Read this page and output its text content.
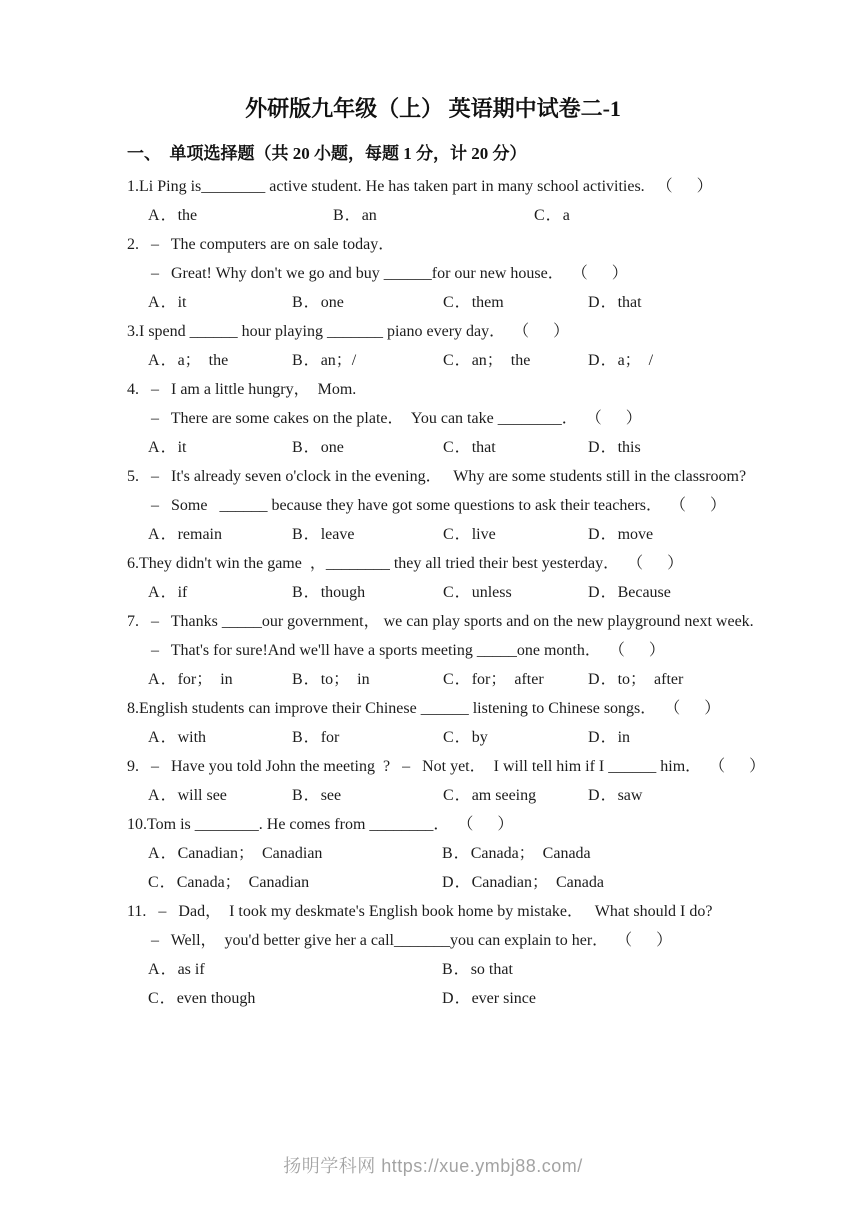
外研版九年级（上） 英语期中试卷二-1
一、  单项选择题（共 20 小题，每题 1 分，计 20 分）
1.Li Ping is________ active student. He has taken part in many school activities.   （      ）
A．the	B．an	C．a
2.   –   The computers are on sale today．
–   Great! Why don't we go and buy ______for our new house．  （      ）
A．it	B．one	C．them	D．that
3.I spend ______ hour playing _______ piano every day．  （      ）
A．a；  the	B．an；/	C．an；  the	D．a；  /
4.   –   I am a little hungry，  Mom.
–   There are some cakes on the plate．  You can take ________．  （      ）
A．it	B．one	C．that	D．this
5.   –   It's already seven o'clock in the evening．   Why are some students still in the classroom?
–   Some   ______ because they have got some questions to ask their teachers．  （      ）
A．remain	B．leave	C．live	D．move
6.They didn't win the game  ，________ they all tried their best yesterday．  （      ）
A．if	B．though	C．unless	D．Because
7.   –   Thanks _____our government， we can play sports and on the new playground next week.
–   That's for sure!And we'll have a sports meeting _____one month．  （      ）
A．for；  in	B．to；  in	C．for；  after	D．to；  after
8.English students can improve their Chinese ______ listening to Chinese songs．  （      ）
A．with	B．for	C．by	D．in
9.   –   Have you told John the meeting  ?   –   Not yet．  I will tell him if I ______ him．  （      ）
A．will see	B．see	C．am seeing	D．saw
10.Tom is ________. He comes from ________．  （      ）
A．Canadian；  Canadian	B．Canada；  Canada
C．Canada；  Canadian	D．Canadian；  Canada
11.   –   Dad，  I took my deskmate's English book home by mistake．   What should I do?
–   Well，  you'd better give her a call_______you can explain to her．  （      ）
A．as if	B．so that
C．even though	D．ever since
扬明学科网 https://xue.ymbj88.com/
